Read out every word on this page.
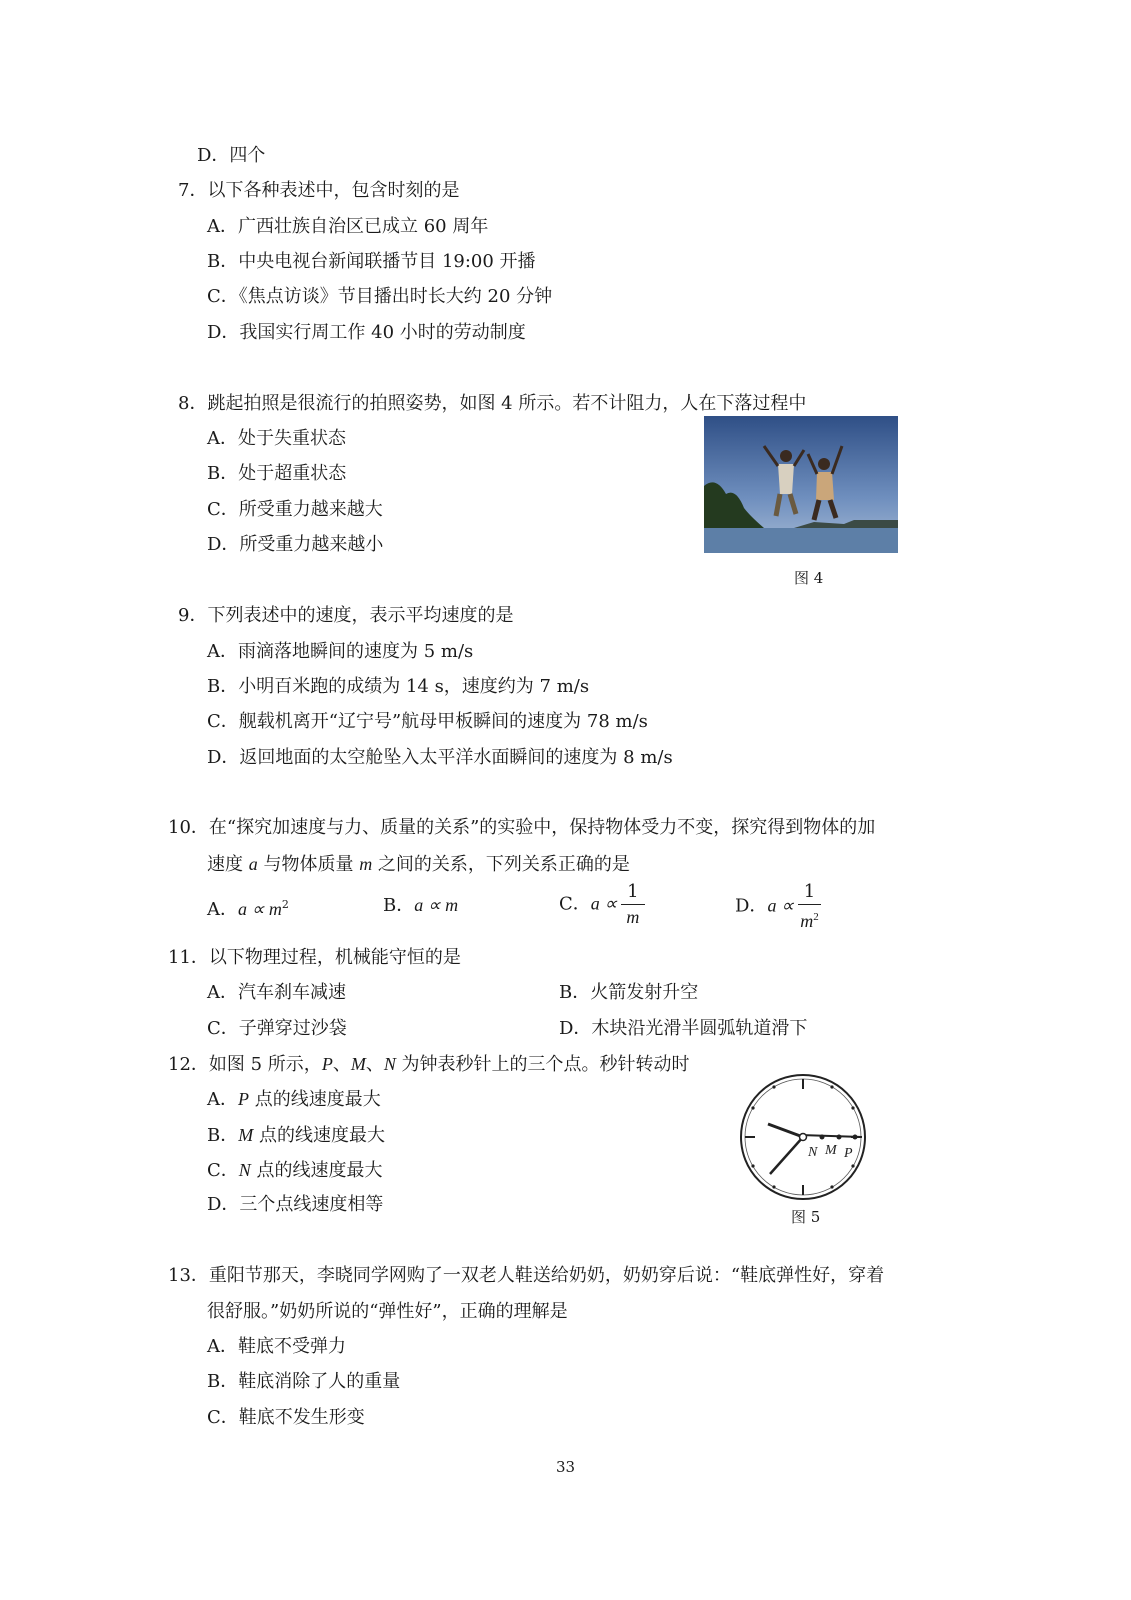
D．四个
7．以下各种表述中，包含时刻的是
A．广西壮族自治区已成立 60 周年
B．中央电视台新闻联播节目 19:00 开播
C．《焦点访谈》节目播出时长大约 20 分钟
D．我国实行周工作 40 小时的劳动制度
8．跳起拍照是很流行的拍照姿势，如图 4 所示。若不计阻力，人在下落过程中
A．处于失重状态
B．处于超重状态
C．所受重力越来越大
D．所受重力越来越小
图 4
9．下列表述中的速度，表示平均速度的是
A．雨滴落地瞬间的速度为 5 m/s
B．小明百米跑的成绩为 14 s，速度约为 7 m/s
C．舰载机离开“辽宁号”航母甲板瞬间的速度为 78 m/s
D．返回地面的太空舱坠入太平洋水面瞬间的速度为 8 m/s
10．在“探究加速度与力、质量的关系”的实验中，保持物体受力不变，探究得到物体的加
速度 a 与物体质量 m 之间的关系，下列关系正确的是
A．$a \propto m^2$	B．a ∝ m	C．$a \propto \frac{1}{m}$	D．$a \propto \frac{1}{m^2}$
11．以下物理过程，机械能守恒的是
A．汽车刹车减速	B．火箭发射升空
C．子弹穿过沙袋	D．木块沿光滑半圆弧轨道滑下
12．如图 5 所示，P、M、N 为钟表秒针上的三个点。秒针转动时
A．P 点的线速度最大
B．M 点的线速度最大
C．N 点的线速度最大
D．三个点线速度相等
N M P
图 5
13．重阳节那天，李晓同学网购了一双老人鞋送给奶奶，奶奶穿后说：“鞋底弹性好，穿着
很舒服。”奶奶所说的“弹性好”，正确的理解是
A．鞋底不受弹力
B．鞋底消除了人的重量
C．鞋底不发生形变
33
